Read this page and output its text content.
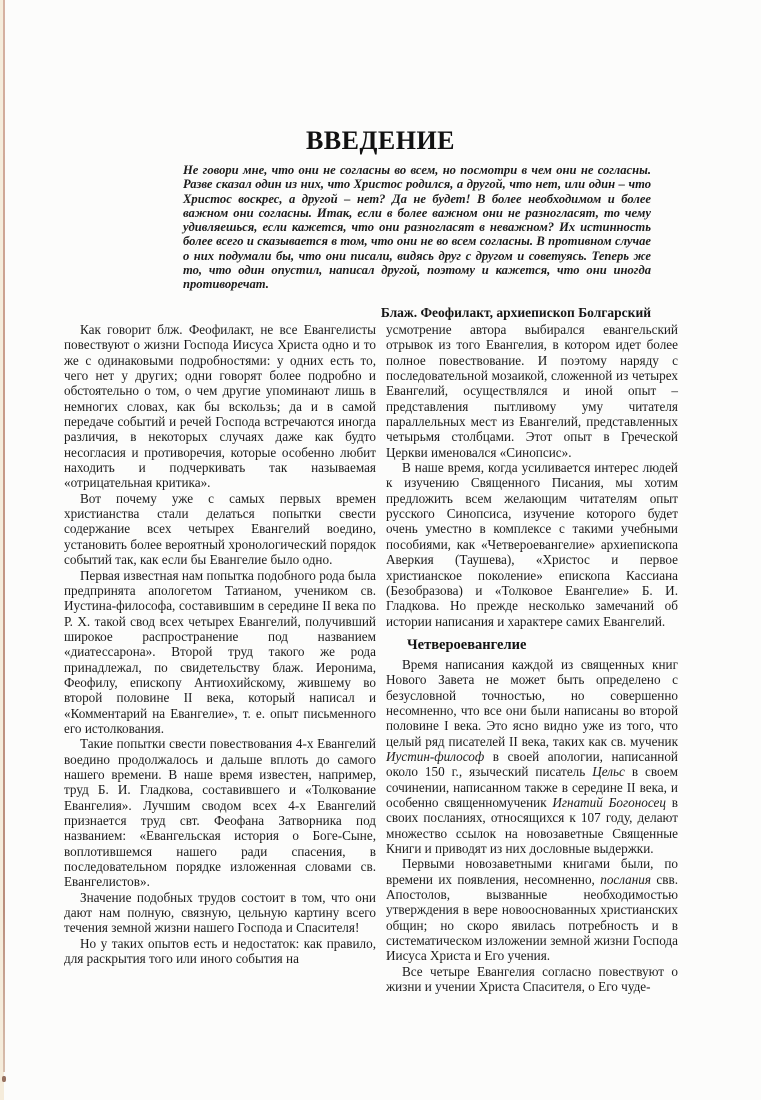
ВВЕДЕНИЕ

Не говори мне, что они не согласны во всем, но посмотри в чем они не согласны. Разве сказал один из них, что Христос родился, а другой, что нет, или один – что Христос воскрес, а другой – нет? Да не будет! В более необходимом и более важном они согласны. Итак, если в более важном они не разногласят, то чему удивляешься, если кажется, что они разногласят в неважном? Их истинность более всего и сказывается в том, что они не во всем согласны. В противном случае о них подумали бы, что они писали, видясь друг с другом и советуясь. Теперь же то, что один опустил, написал другой, поэтому и кажется, что они иногда противоречат.

Блаж. Феофилакт, архиепископ Болгарский

Как говорит блж. Феофилакт, не все Евангелисты повествуют о жизни Господа Иисуса Христа одно и то же с одинаковыми подробностями: у одних есть то, чего нет у других; одни говорят более подробно и обстоятельно о том, о чем другие упоминают лишь в немногих словах, как бы вскользь; да и в самой передаче событий и речей Господа встречаются иногда различия, в некоторых случаях даже как будто несогласия и противоречия, которые особенно любит находить и подчеркивать так называемая «отрицательная критика».

Вот почему уже с самых первых времен христианства стали делаться попытки свести содержание всех четырех Евангелий воедино, установить более вероятный хронологический порядок событий так, как если бы Евангелие было одно.

Первая известная нам попытка подобного рода была предпринята апологетом Татианом, учеником св. Иустина-философа, составившим в середине II века по Р. Х. такой свод всех четырех Евангелий, получивший широкое распространение под названием «диатессарона». Второй труд такого же рода принадлежал, по свидетельству блаж. Иеронима, Феофилу, епископу Антиохийскому, жившему во второй половине II века, который написал и «Комментарий на Евангелие», т. е. опыт письменного его истолкования.

Такие попытки свести повествования 4-х Евангелий воедино продолжалось и дальше вплоть до самого нашего времени. В наше время известен, например, труд Б. И. Гладкова, составившего и «Толкование Евангелия». Лучшим сводом всех 4-х Евангелий признается труд свт. Феофана Затворника под названием: «Евангельская история о Боге-Сыне, воплотившемся нашего ради спасения, в последовательном порядке изложенная словами св. Евангелистов».

Значение подобных трудов состоит в том, что они дают нам полную, связную, цельную картину всего течения земной жизни нашего Господа и Спасителя!

Но у таких опытов есть и недостаток: как правило, для раскрытия того или иного события на

усмотрение автора выбирался евангельский отрывок из того Евангелия, в котором идет более полное повествование. И поэтому наряду с последовательной мозаикой, сложенной из четырех Евангелий, осуществлялся и иной опыт – представления пытливому уму читателя параллельных мест из Евангелий, представленных четырьмя столбцами. Этот опыт в Греческой Церкви именовался «Синопсис».

В наше время, когда усиливается интерес людей к изучению Священного Писания, мы хотим предложить всем желающим читателям опыт русского Синопсиса, изучение которого будет очень уместно в комплексе с такими учебными пособиями, как «Четвероевангелие» архиепископа Аверкия (Таушева), «Христос и первое христианское поколение» епископа Кассиана (Безобразова) и «Толковое Евангелие» Б. И. Гладкова. Но прежде несколько замечаний об истории написания и характере самих Евангелий.

Четвероевангелие

Время написания каждой из священных книг Нового Завета не может быть определено с безусловной точностью, но совершенно несомненно, что все они были написаны во второй половине I века. Это ясно видно уже из того, что целый ряд писателей II века, таких как св. мученик Иустин-философ в своей апологии, написанной около 150 г., языческий писатель Цельс в своем сочинении, написанном также в середине II века, и особенно священномученик Игнатий Богоносец в своих посланиях, относящихся к 107 году, делают множество ссылок на новозаветные Священные Книги и приводят из них дословные выдержки.

Первыми новозаветными книгами были, по времени их появления, несомненно, послания свв. Апостолов, вызванные необходимостью утверждения в вере новооснованных христианских общин; но скоро явилась потребность и в систематическом изложении земной жизни Господа Иисуса Христа и Его учения.

Все четыре Евангелия согласно повествуют о жизни и учении Христа Спасителя, о Его чуде-
